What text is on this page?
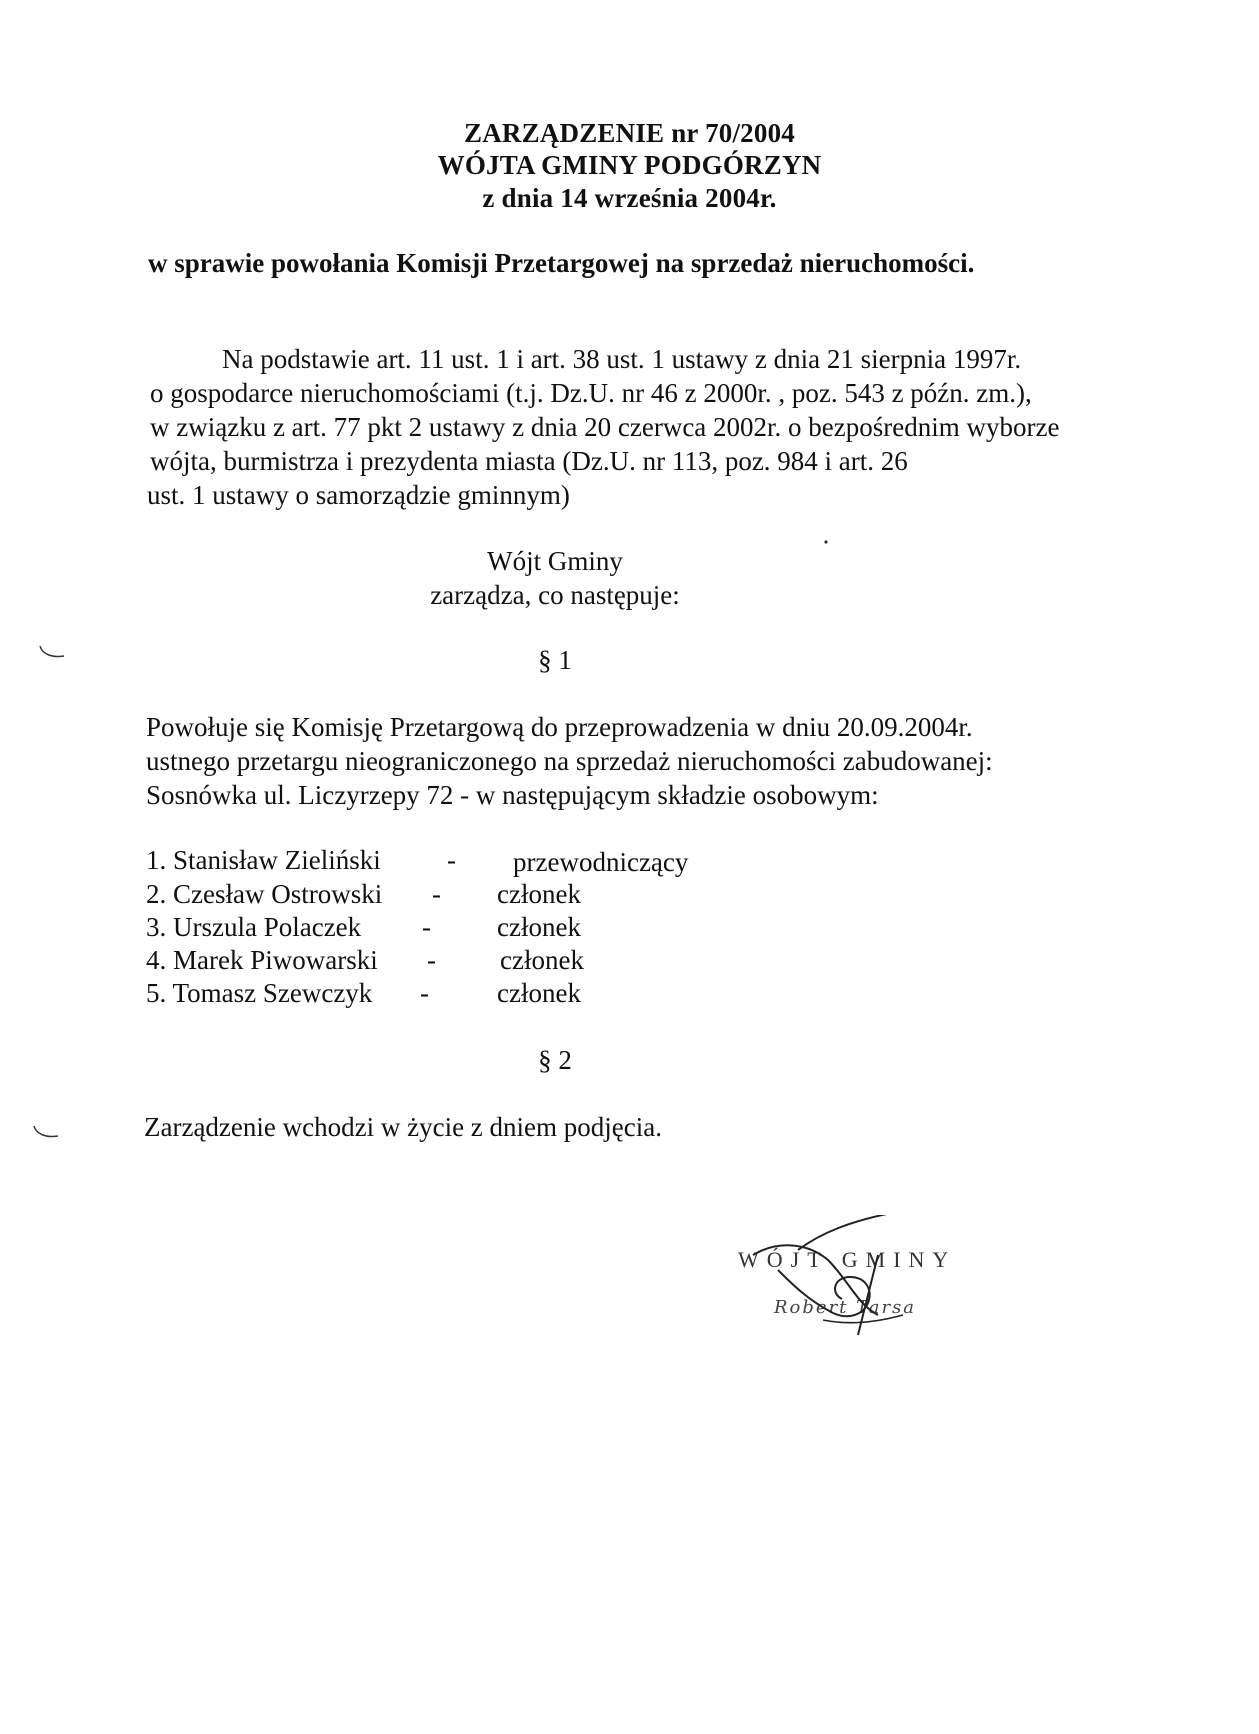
ZARZĄDZENIE nr 70/2004
WÓJTA GMINY PODGÓRZYN
z dnia 14 września 2004r.
w sprawie powołania Komisji Przetargowej na sprzedaż nieruchomości.
Na podstawie art. 11 ust. 1 i art. 38 ust. 1 ustawy z dnia 21 sierpnia 1997r.
o gospodarce nieruchomościami (t.j. Dz.U. nr 46 z 2000r. , poz. 543 z późn. zm.),
w związku z art. 77 pkt 2 ustawy z dnia 20 czerwca 2002r. o bezpośrednim wyborze
wójta, burmistrza i prezydenta miasta (Dz.U. nr 113, poz. 984 i art. 26
ust. 1 ustawy o samorządzie gminnym)
Wójt Gminy
zarządza, co następuje:
§ 1
Powołuje się Komisję Przetargową do przeprowadzenia w dniu 20.09.2004r.
ustnego przetargu nieograniczonego na sprzedaż nieruchomości zabudowanej:
Sosnówka ul. Liczyrzepy 72 - w następującym składzie osobowym:
1. Stanisław Zieliński - przewodniczący
2. Czesław Ostrowski - członek
3. Urszula Polaczek - członek
4. Marek Piwowarski - członek
5. Tomasz Szewczyk -	członek
§ 2
Zarządzenie wchodzi w życie z dniem podjęcia.
WÓJT GMINY
Robert Tarsa
